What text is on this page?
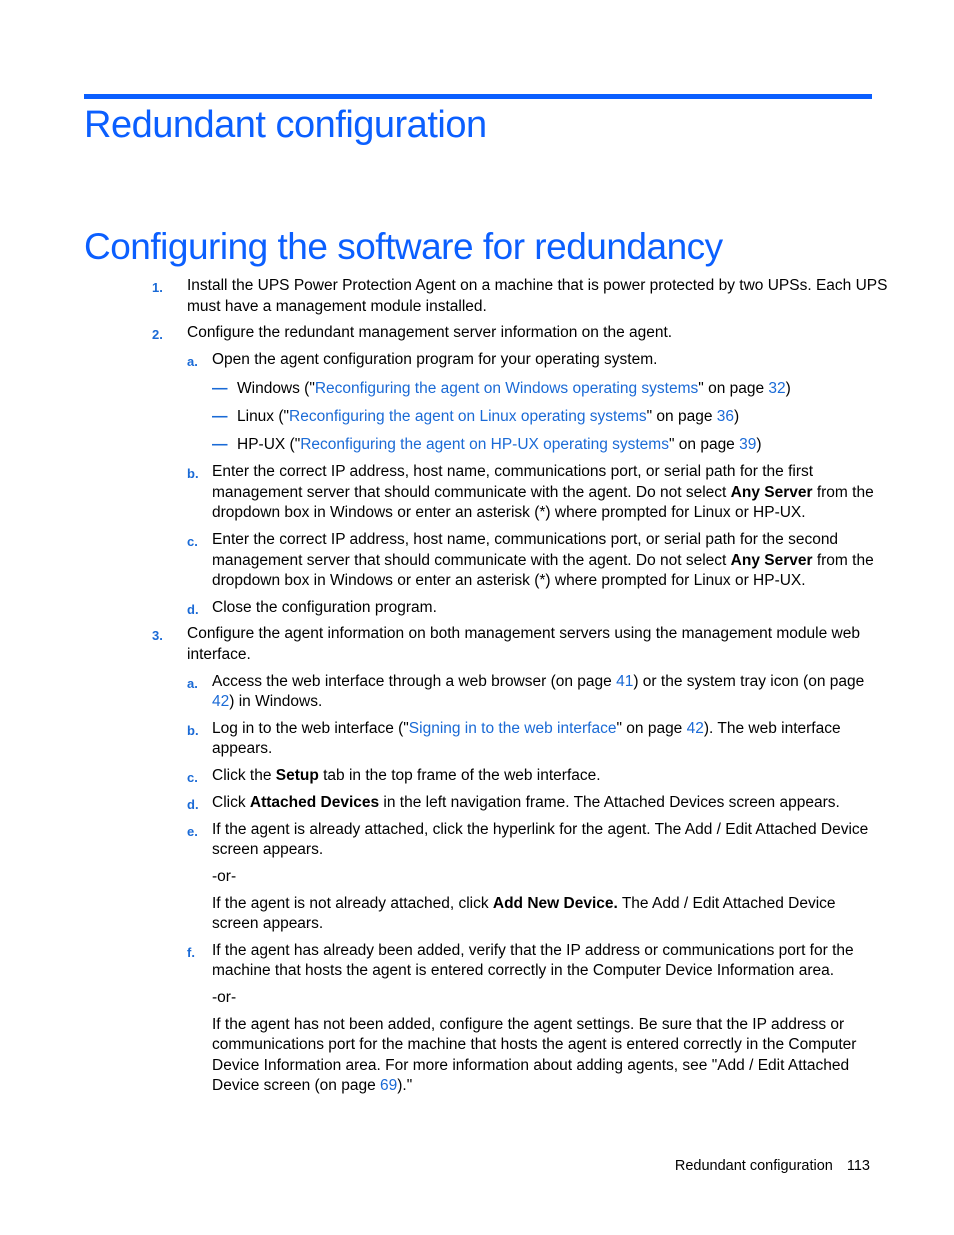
Redundant configuration
Configuring the software for redundancy
1. Install the UPS Power Protection Agent on a machine that is power protected by two UPSs. Each UPS
must have a management module installed.
2. Configure the redundant management server information on the agent.
a. Open the agent configuration program for your operating system.
— Windows ("Reconfiguring the agent on Windows operating systems" on page 32)
— Linux ("Reconfiguring the agent on Linux operating systems" on page 36)
— HP-UX ("Reconfiguring the agent on HP-UX operating systems" on page 39)
b. Enter the correct IP address, host name, communications port, or serial path for the first
management server that should communicate with the agent. Do not select Any Server from the
dropdown box in Windows or enter an asterisk (*) where prompted for Linux or HP-UX.
c. Enter the correct IP address, host name, communications port, or serial path for the second
management server that should communicate with the agent. Do not select Any Server from the
dropdown box in Windows or enter an asterisk (*) where prompted for Linux or HP-UX.
d. Close the configuration program.
3. Configure the agent information on both management servers using the management module web
interface.
a. Access the web interface through a web browser (on page 41) or the system tray icon (on page
42) in Windows.
b. Log in to the web interface ("Signing in to the web interface" on page 42). The web interface
appears.
c. Click the Setup tab in the top frame of the web interface.
d. Click Attached Devices in the left navigation frame. The Attached Devices screen appears.
e. If the agent is already attached, click the hyperlink for the agent. The Add / Edit Attached Device
screen appears.
-or-
If the agent is not already attached, click Add New Device. The Add / Edit Attached Device
screen appears.
f. If the agent has already been added, verify that the IP address or communications port for the
machine that hosts the agent is entered correctly in the Computer Device Information area.
-or-
If the agent has not been added, configure the agent settings. Be sure that the IP address or
communications port for the machine that hosts the agent is entered correctly in the Computer
Device Information area. For more information about adding agents, see "Add / Edit Attached
Device screen (on page 69)."
Redundant configuration 113
